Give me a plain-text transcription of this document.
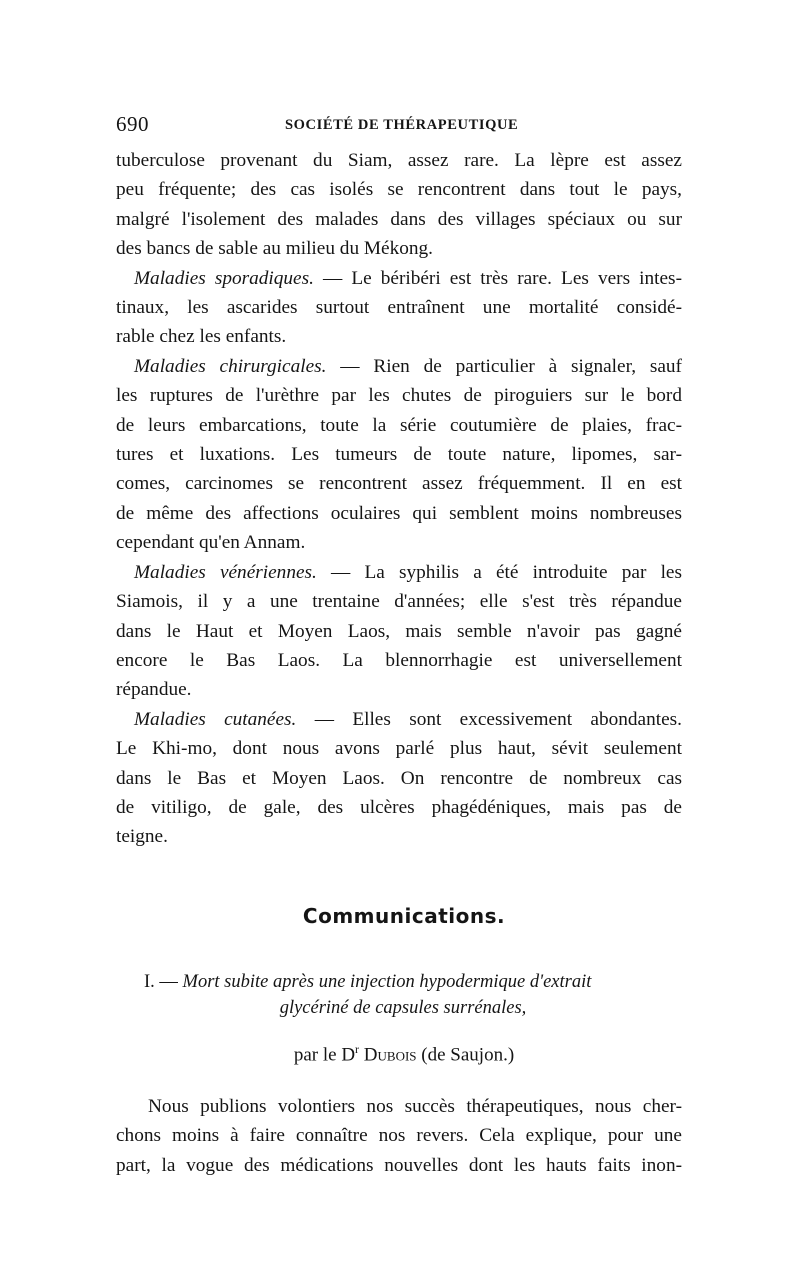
690	SOCIÉTÉ DE THÉRAPEUTIQUE

tuberculose provenant du Siam, assez rare. La lèpre est assez

peu fréquente; des cas isolés se rencontrent dans tout le pays,

malgré l'isolement des malades dans des villages spéciaux ou sur

des bancs de sable au milieu du Mékong.

Maladies sporadiques. — Le béribéri est très rare. Les vers intes-

tinaux, les ascarides surtout entraînent une mortalité considé-

rable chez les enfants.

Maladies chirurgicales. — Rien de particulier à signaler, sauf

les ruptures de l'urèthre par les chutes de piroguiers sur le bord

de leurs embarcations, toute la série coutumière de plaies, frac-

tures et luxations. Les tumeurs de toute nature, lipomes, sar-

comes, carcinomes se rencontrent assez fréquemment. Il en est

de même des affections oculaires qui semblent moins nombreuses

cependant qu'en Annam.

Maladies vénériennes. — La syphilis a été introduite par les

Siamois, il y a une trentaine d'années; elle s'est très répandue

dans le Haut et Moyen Laos, mais semble n'avoir pas gagné

encore le Bas Laos. La blennorrhagie est universellement

répandue.

Maladies cutanées. — Elles sont excessivement abondantes.

Le Khi-mo, dont nous avons parlé plus haut, sévit seulement

dans le Bas et Moyen Laos. On rencontre de nombreux cas

de vitiligo, de gale, des ulcères phagédéniques, mais pas de

teigne.

Communications.
I. — Mort subite après une injection hypodermique d'extrait
glycériné de capsules surrénales,
par le $D^r$ Dubois (de Saujon.)

Nous publions volontiers nos succès thérapeutiques, nous cher-

chons moins à faire connaître nos revers. Cela explique, pour une

part, la vogue des médications nouvelles dont les hauts faits inon-
